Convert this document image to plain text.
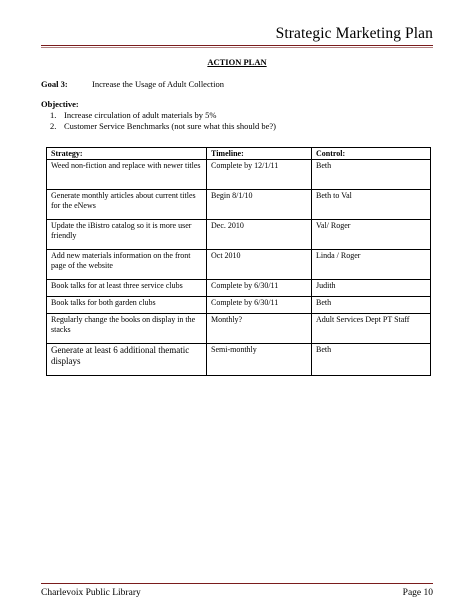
Strategic Marketing Plan
ACTION PLAN
Goal 3:	Increase the Usage of Adult Collection
Objective:
1. Increase circulation of adult materials by 5%
2. Customer Service Benchmarks (not sure what this should be?)
Strategy:	Timeline:	Control:
Weed non-fiction and replace with newer titles	Complete by 12/1/11	Beth
Generate monthly articles about current titles for the eNews	Begin 8/1/10	Beth to Val
Update the iBistro catalog so it is more user friendly	Dec. 2010	Val/ Roger
Add new materials information on the front page of the website	Oct 2010	Linda / Roger
Book talks for at least three service clubs	Complete by 6/30/11	Judith
Book talks for both garden clubs	Complete by 6/30/11	Beth
Regularly change the books on display in the stacks	Monthly?	Adult Services Dept PT Staff
Generate at least 6 additional thematic displays	Semi-monthly	Beth
Charlevoix Public Library	Page 10
